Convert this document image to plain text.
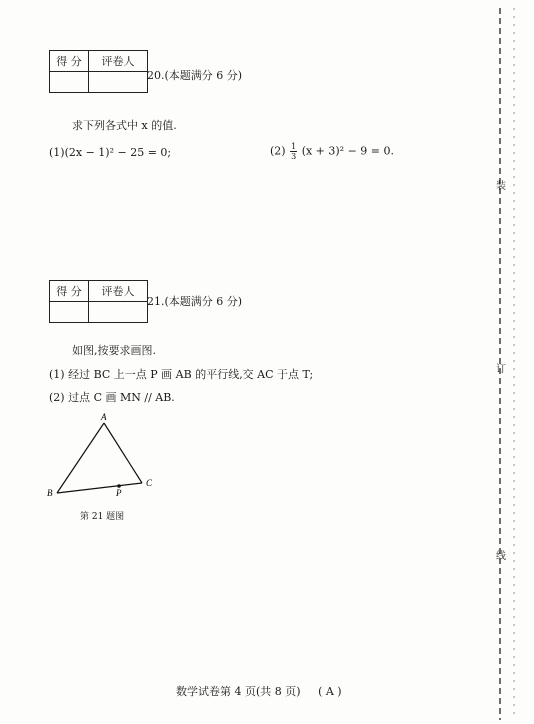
得 分	评卷人

20.(本题满分 6 分)
求下列各式中 x 的值.
(1)(2x − 1)² − 25 = 0;	$(2) \frac{1}{3} (x + 3)^2 - 9 = 0$.
得 分	评卷人

21.(本题满分 6 分)
如图,按要求画图.
(1) 经过 BC 上一点 P 画 AB 的平行线,交 AC 于点 T;
(2) 过点 C 画 MN // AB.
A
B
C
P
第 21 题图
装
订
线
数学试卷第 4 页(共 8 页) ( A )
